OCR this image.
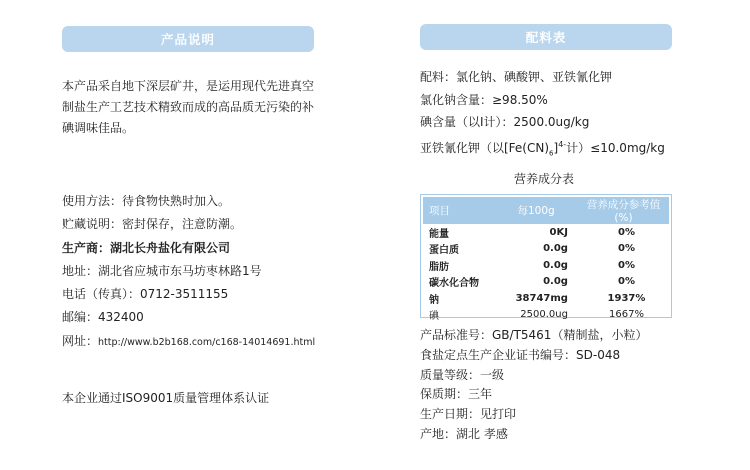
产品说明	配料表
本产品采自地下深层矿井，是运用现代先进真空制盐生产工艺技术精致而成的高品质无污染的补碘调味佳品。
使用方法：待食物快熟时加入。
贮藏说明：密封保存，注意防潮。
生产商：湖北长舟盐化有限公司
地址：湖北省应城市东马坊枣林路1号
电话（传真）：0712-3511155
邮编：432400
网址：http://www.b2b168.com/c168-14014691.html
本企业通过ISO9001质量管理体系认证
配料：氯化钠、碘酸钾、亚铁氰化钾
氯化钠含量：≥98.50%
碘含量（以I计）：2500.0ug/kg
亚铁氰化钾（以$[Fe(CN)_6]^{4-}$计）≤10.0mg/kg
营养成分表
项目	每100g	营养成分参考值(%)
能量	0KJ	0%
蛋白质	0.0g	0%
脂肪	0.0g	0%
碳水化合物	0.0g	0%
钠	38747mg	1937%
碘	2500.0ug	1667%
产品标准号：GB/T5461（精制盐，小粒）
食盐定点生产企业证书编号：SD-048
质量等级：一级
保质期：三年
生产日期：见打印
产地：湖北 孝感
